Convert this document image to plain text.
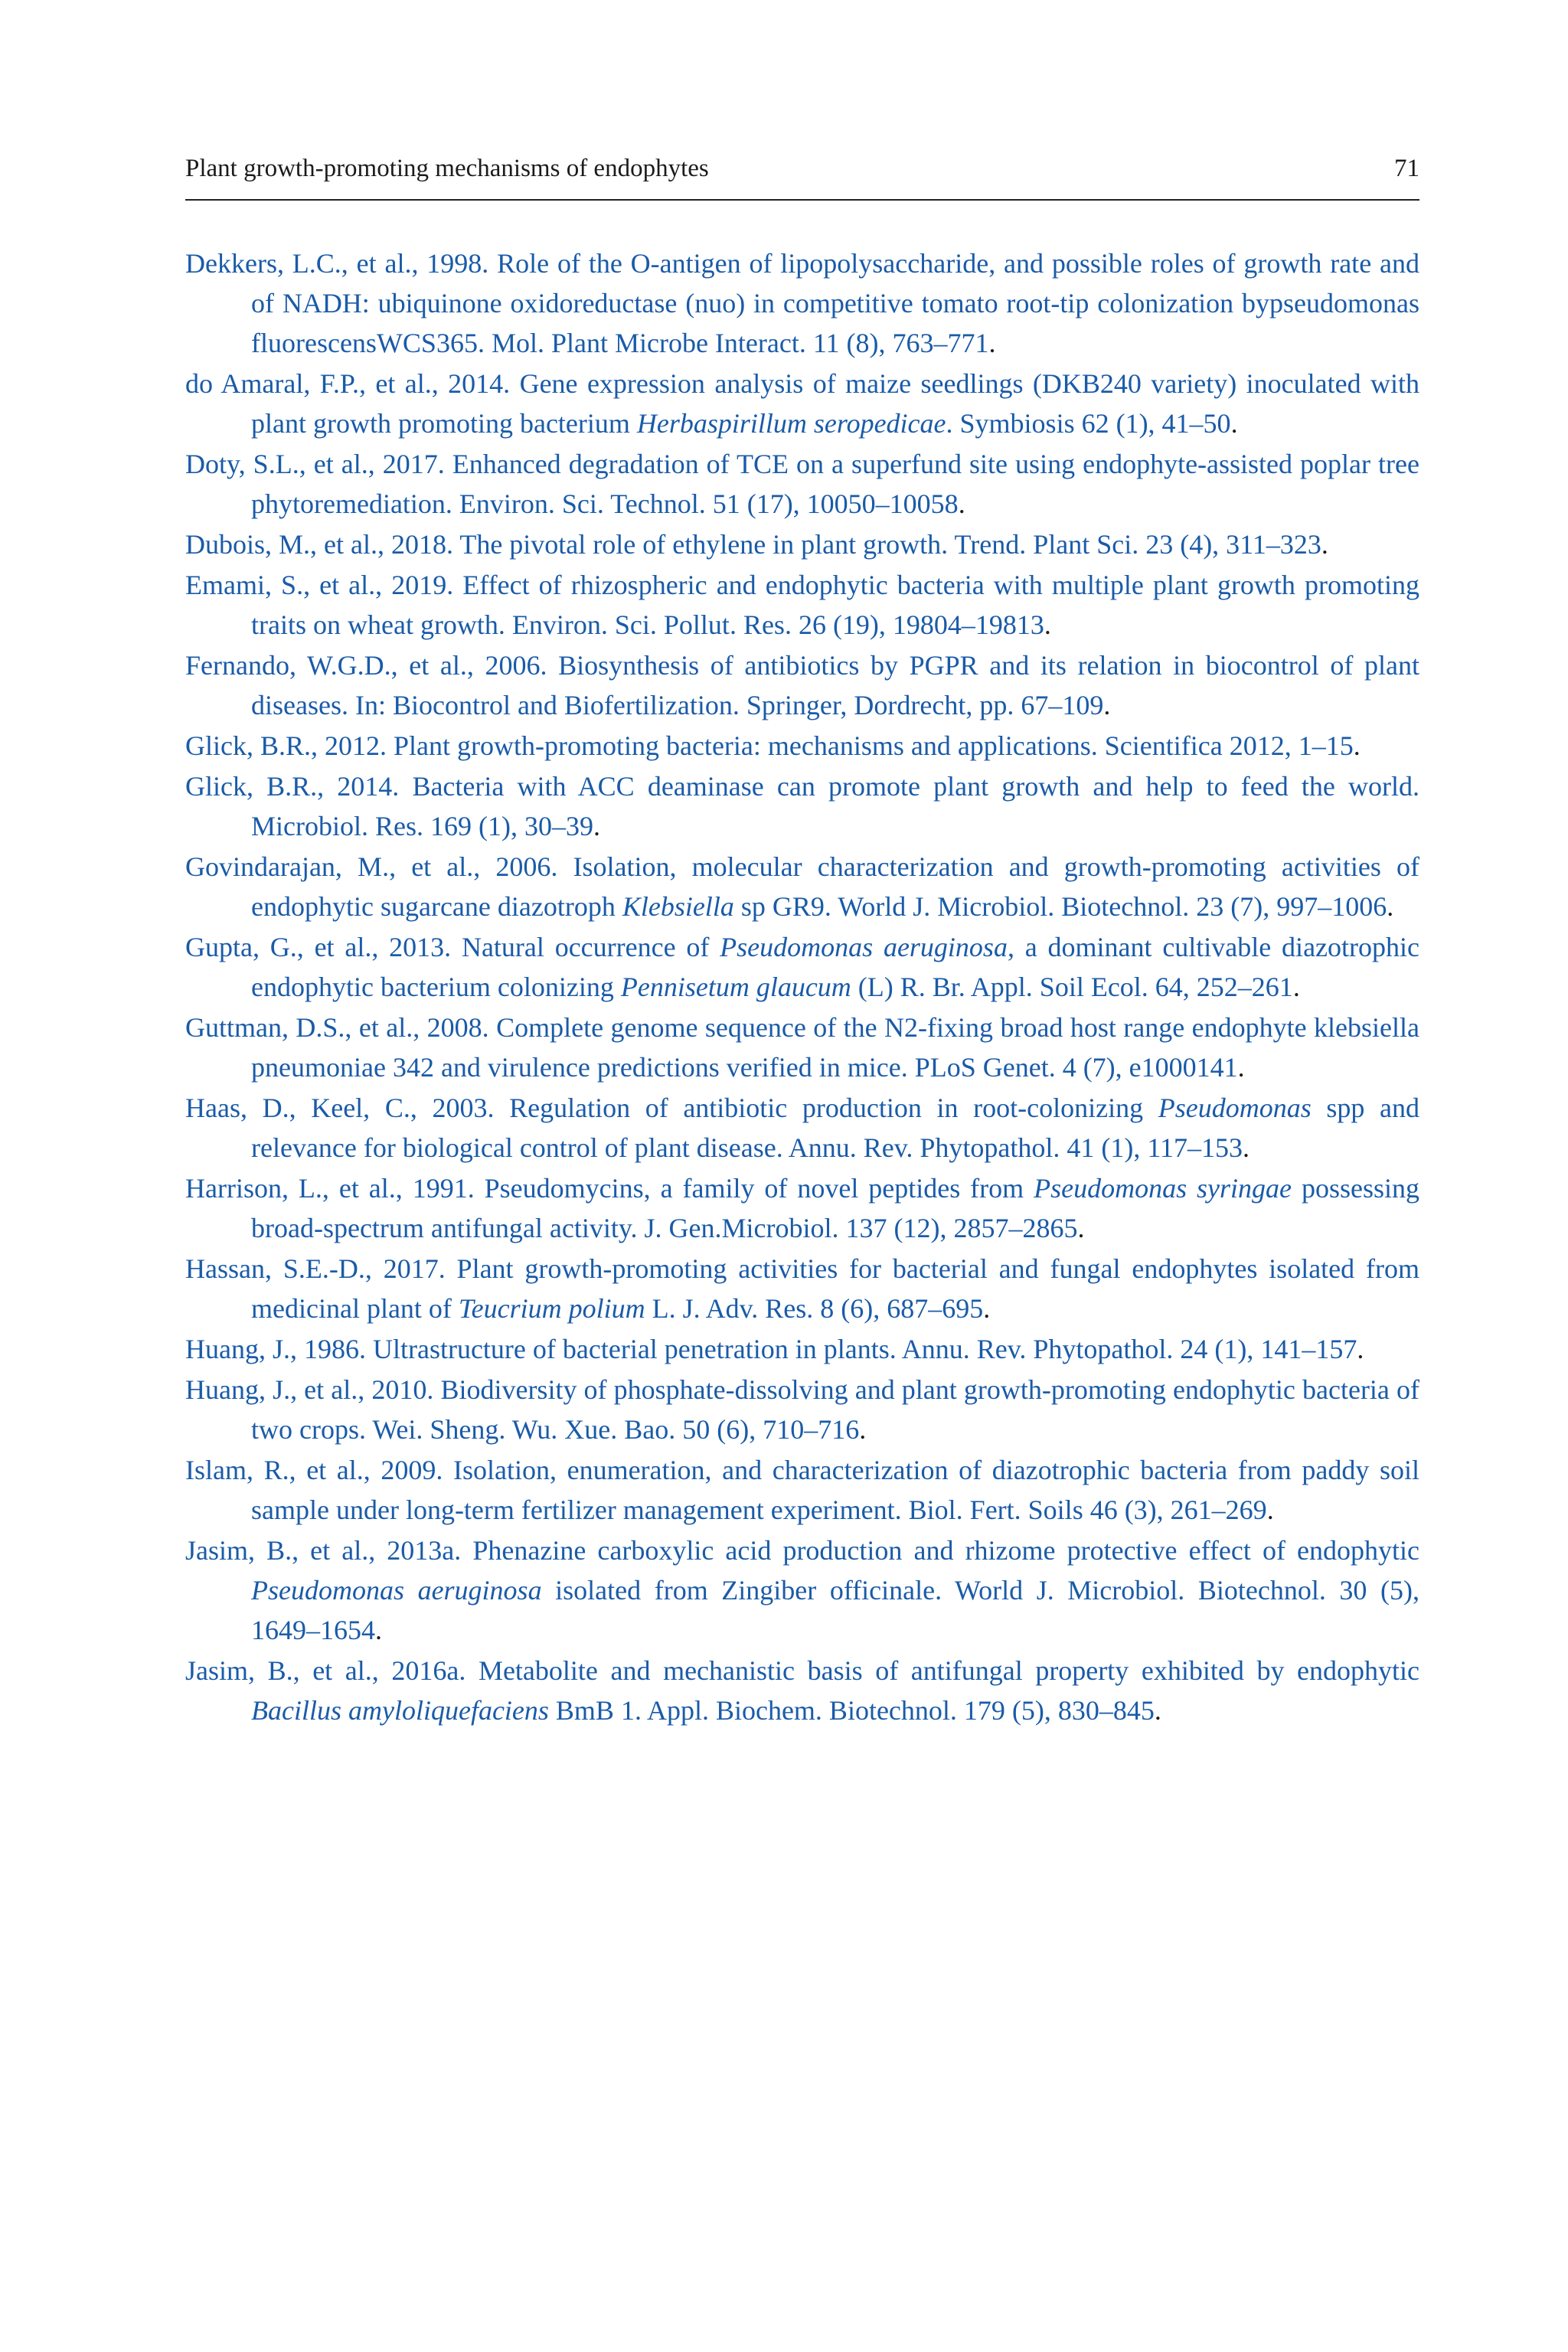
Plant growth-promoting mechanisms of endophytes	71
Dekkers, L.C., et al., 1998. Role of the O-antigen of lipopolysaccharide, and possible roles of growth rate and of NADH: ubiquinone oxidoreductase (nuo) in competitive tomato root-tip colonization bypseudomonas fluorescensWCS365. Mol. Plant Microbe Interact. 11 (8), 763–771.
do Amaral, F.P., et al., 2014. Gene expression analysis of maize seedlings (DKB240 variety) inoculated with plant growth promoting bacterium Herbaspirillum seropedicae. Symbiosis 62 (1), 41–50.
Doty, S.L., et al., 2017. Enhanced degradation of TCE on a superfund site using endophyte-assisted poplar tree phytoremediation. Environ. Sci. Technol. 51 (17), 10050–10058.
Dubois, M., et al., 2018. The pivotal role of ethylene in plant growth. Trend. Plant Sci. 23 (4), 311–323.
Emami, S., et al., 2019. Effect of rhizospheric and endophytic bacteria with multiple plant growth promoting traits on wheat growth. Environ. Sci. Pollut. Res. 26 (19), 19804–19813.
Fernando, W.G.D., et al., 2006. Biosynthesis of antibiotics by PGPR and its relation in biocontrol of plant diseases. In: Biocontrol and Biofertilization. Springer, Dordrecht, pp. 67–109.
Glick, B.R., 2012. Plant growth-promoting bacteria: mechanisms and applications. Scientifica 2012, 1–15.
Glick, B.R., 2014. Bacteria with ACC deaminase can promote plant growth and help to feed the world. Microbiol. Res. 169 (1), 30–39.
Govindarajan, M., et al., 2006. Isolation, molecular characterization and growth-promoting activities of endophytic sugarcane diazotroph Klebsiella sp GR9. World J. Microbiol. Biotechnol. 23 (7), 997–1006.
Gupta, G., et al., 2013. Natural occurrence of Pseudomonas aeruginosa, a dominant cultivable diazotrophic endophytic bacterium colonizing Pennisetum glaucum (L) R. Br. Appl. Soil Ecol. 64, 252–261.
Guttman, D.S., et al., 2008. Complete genome sequence of the N2-fixing broad host range endophyte klebsiella pneumoniae 342 and virulence predictions verified in mice. PLoS Genet. 4 (7), e1000141.
Haas, D., Keel, C., 2003. Regulation of antibiotic production in root-colonizing Pseudomonas spp and relevance for biological control of plant disease. Annu. Rev. Phytopathol. 41 (1), 117–153.
Harrison, L., et al., 1991. Pseudomycins, a family of novel peptides from Pseudomonas syringae possessing broad-spectrum antifungal activity. J. Gen.Microbiol. 137 (12), 2857–2865.
Hassan, S.E.-D., 2017. Plant growth-promoting activities for bacterial and fungal endophytes isolated from medicinal plant of Teucrium polium L. J. Adv. Res. 8 (6), 687–695.
Huang, J., 1986. Ultrastructure of bacterial penetration in plants. Annu. Rev. Phytopathol. 24 (1), 141–157.
Huang, J., et al., 2010. Biodiversity of phosphate-dissolving and plant growth-promoting endophytic bacteria of two crops. Wei. Sheng. Wu. Xue. Bao. 50 (6), 710–716.
Islam, R., et al., 2009. Isolation, enumeration, and characterization of diazotrophic bacteria from paddy soil sample under long-term fertilizer management experiment. Biol. Fert. Soils 46 (3), 261–269.
Jasim, B., et al., 2013a. Phenazine carboxylic acid production and rhizome protective effect of endophytic Pseudomonas aeruginosa isolated from Zingiber officinale. World J. Microbiol. Biotechnol. 30 (5), 1649–1654.
Jasim, B., et al., 2016a. Metabolite and mechanistic basis of antifungal property exhibited by endophytic Bacillus amyloliquefaciens BmB 1. Appl. Biochem. Biotechnol. 179 (5), 830–845.
